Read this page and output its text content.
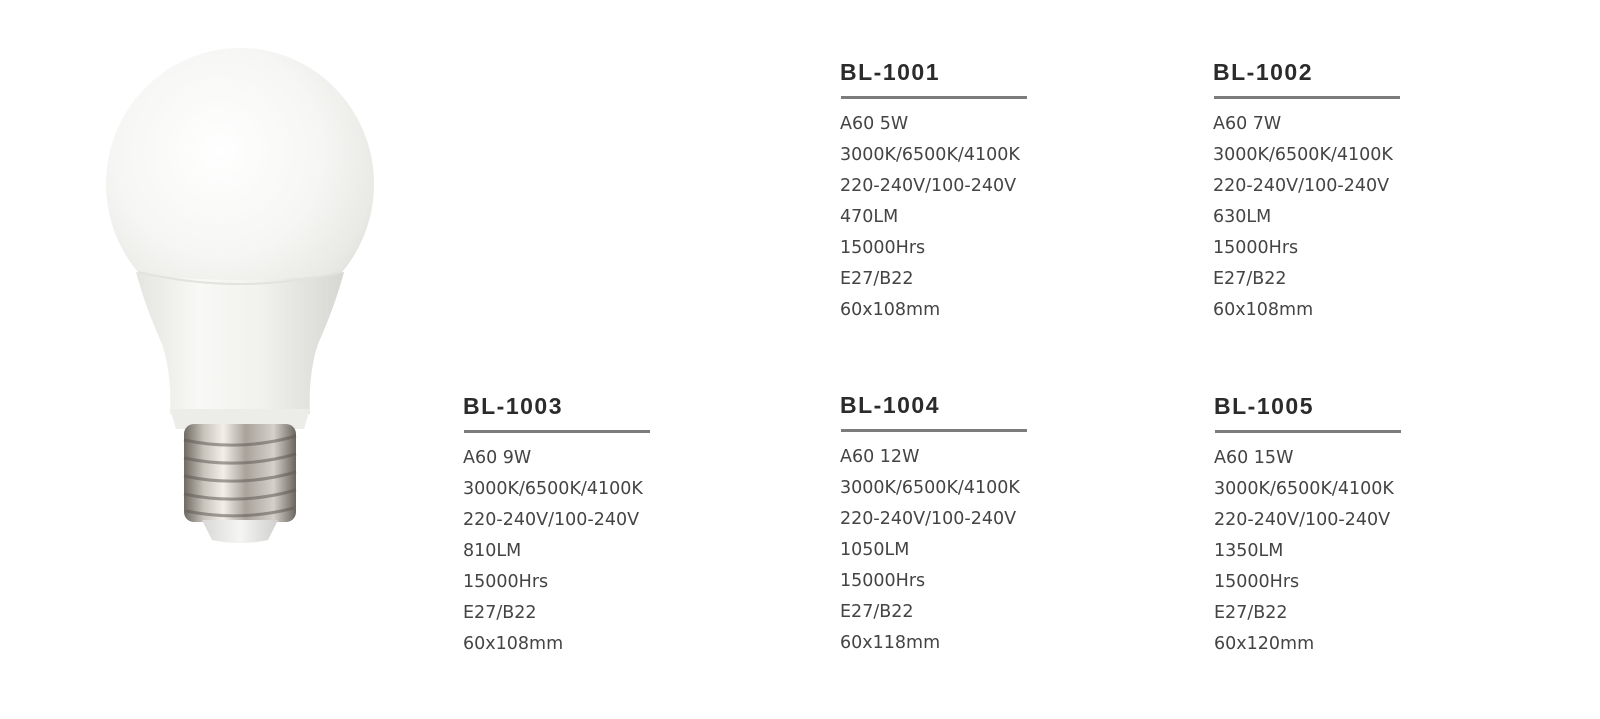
BL-1001
A60 5W
3000K/6500K/4100K
220-240V/100-240V
470LM
15000Hrs
E27/B22
60x108mm
BL-1002
A60 7W
3000K/6500K/4100K
220-240V/100-240V
630LM
15000Hrs
E27/B22
60x108mm
BL-1003
A60 9W
3000K/6500K/4100K
220-240V/100-240V
810LM
15000Hrs
E27/B22
60x108mm
BL-1004
A60 12W
3000K/6500K/4100K
220-240V/100-240V
1050LM
15000Hrs
E27/B22
60x118mm
BL-1005
A60 15W
3000K/6500K/4100K
220-240V/100-240V
1350LM
15000Hrs
E27/B22
60x120mm
